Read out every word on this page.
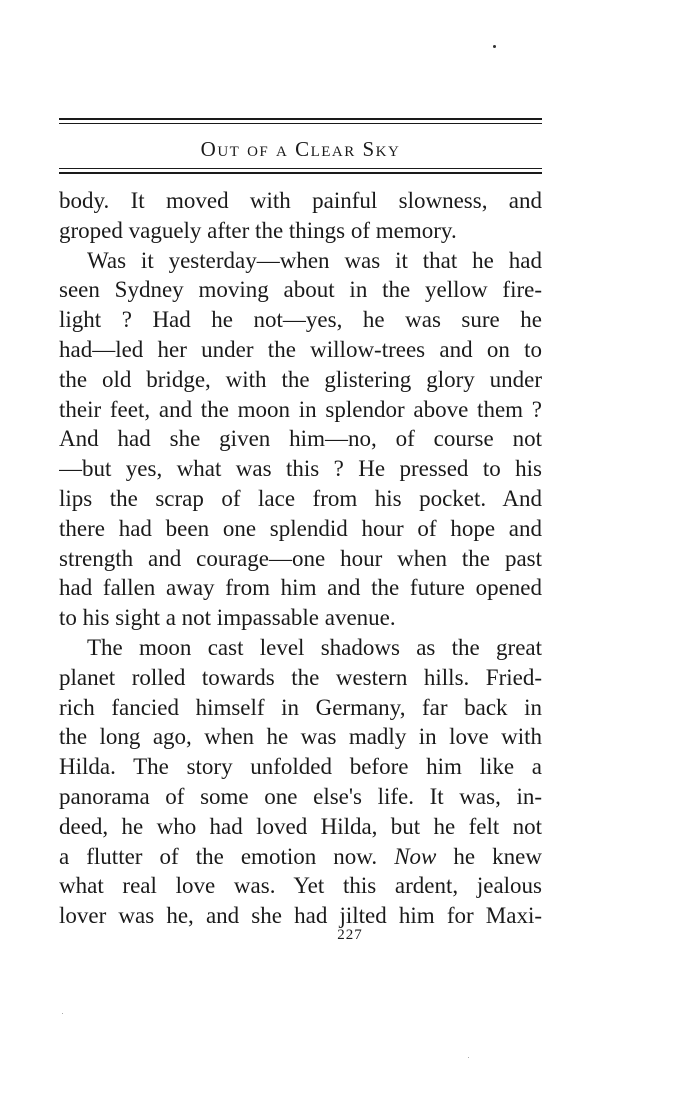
Out of a Clear Sky
body. It moved with painful slowness, and
groped vaguely after the things of memory.
Was it yesterday—when was it that he had
seen Sydney moving about in the yellow fire-
light ? Had he not—yes, he was sure he
had—led her under the willow-trees and on to
the old bridge, with the glistering glory under
their feet, and the moon in splendor above them ?
And had she given him—no, of course not
—but yes, what was this ? He pressed to his
lips the scrap of lace from his pocket. And
there had been one splendid hour of hope and
strength and courage—one hour when the past
had fallen away from him and the future opened
to his sight a not impassable avenue.
The moon cast level shadows as the great
planet rolled towards the western hills. Fried-
rich fancied himself in Germany, far back in
the long ago, when he was madly in love with
Hilda. The story unfolded before him like a
panorama of some one else's life. It was, in-
deed, he who had loved Hilda, but he felt not
a flutter of the emotion now. Now he knew
what real love was. Yet this ardent, jealous
lover was he, and she had jilted him for Maxi-
227
